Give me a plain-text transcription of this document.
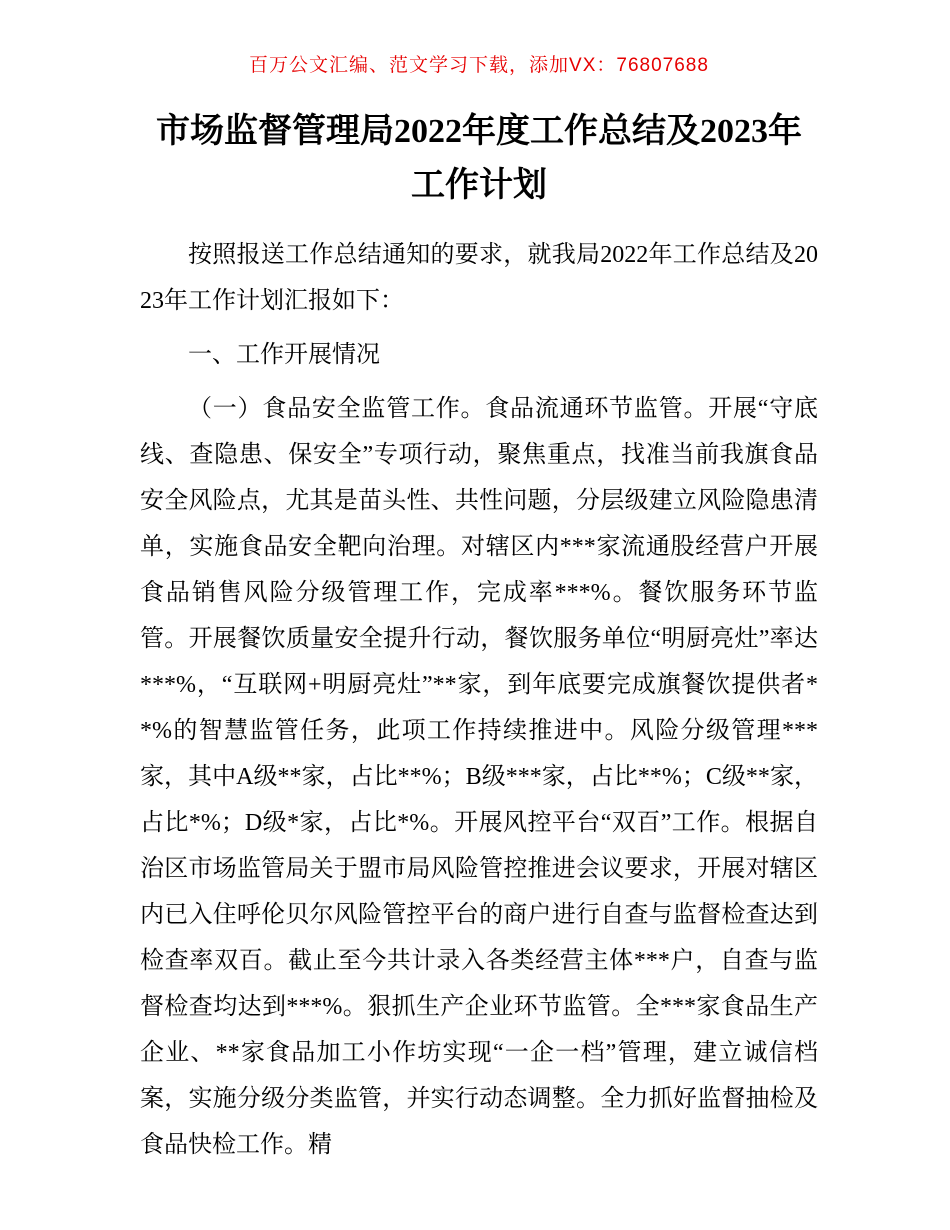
百万公文汇编、范文学习下载，添加VX：76807688
市场监督管理局2022年度工作总结及2023年工作计划

按照报送工作总结通知的要求，就我局2022年工作总结及2023年工作计划汇报如下：

一、工作开展情况

（一）食品安全监管工作。食品流通环节监管。开展“守底线、查隐患、保安全”专项行动，聚焦重点，找准当前我旗食品安全风险点，尤其是苗头性、共性问题，分层级建立风险隐患清单，实施食品安全靶向治理。对辖区内***家流通股经营户开展食品销售风险分级管理工作，完成率***%。餐饮服务环节监管。开展餐饮质量安全提升行动，餐饮服务单位“明厨亮灶”率达***%，“互联网+明厨亮灶”**家，到年底要完成旗餐饮提供者**%的智慧监管任务，此项工作持续推进中。风险分级管理***家，其中A级**家，占比**%；B级***家，占比**%；C级**家，占比*%；D级*家，占比*%。开展风控平台“双百”工作。根据自治区市场监管局关于盟市局风险管控推进会议要求，开展对辖区内已入住呼伦贝尔风险管控平台的商户进行自查与监督检查达到检查率双百。截止至今共计录入各类经营主体***户，自查与监督检查均达到***%。狠抓生产企业环节监管。全***家食品生产企业、**家食品加工小作坊实现“一企一档”管理，建立诚信档案，实施分级分类监管，并实行动态调整。全力抓好监督抽检及食品快检工作。精
